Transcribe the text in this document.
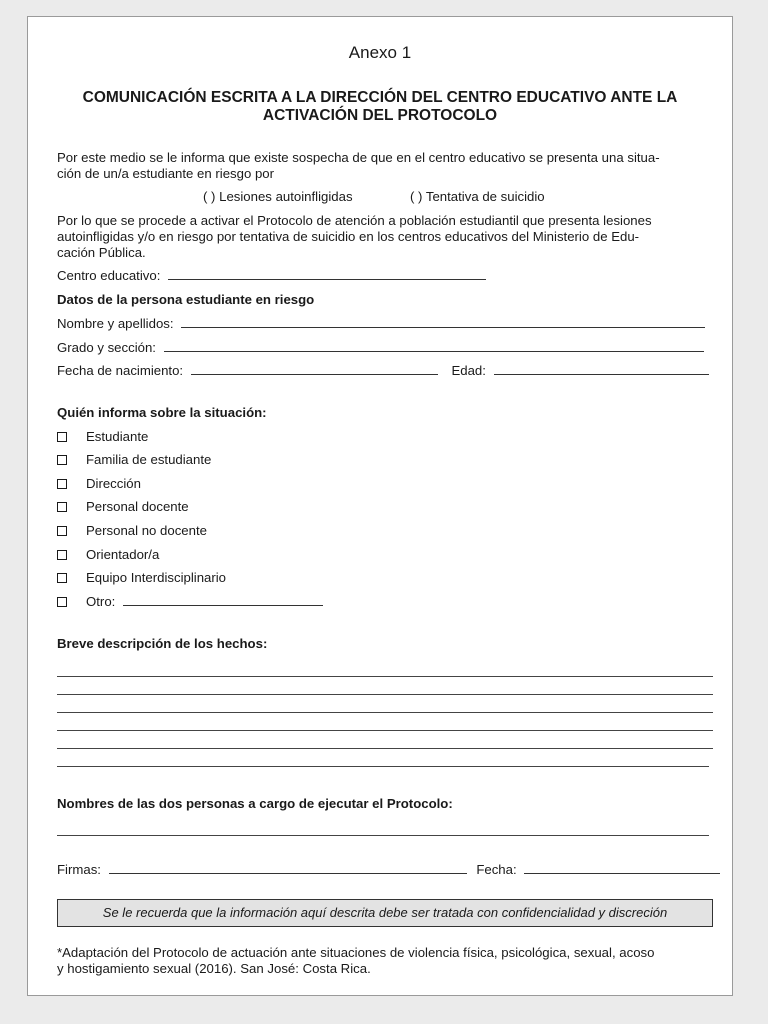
Anexo 1
COMUNICACIÓN ESCRITA A LA DIRECCIÓN DEL CENTRO EDUCATIVO ANTE LA
ACTIVACIÓN DEL PROTOCOLO
Por este medio se le informa que existe sospecha de que en el centro educativo se presenta una situa-
ción de un/a estudiante en riesgo por
( ) Lesiones autoinfligidas	( ) Tentativa de suicidio
Por lo que se procede a activar el Protocolo de atención a población estudiantil que presenta lesiones
autoinfligidas y/o en riesgo por tentativa de suicidio en los centros educativos del Ministerio de Edu-
cación Pública.
Centro educativo:
Datos de la persona estudiante en riesgo
Nombre y apellidos:
Grado y sección:
Fecha de nacimiento:	Edad:
Quién informa sobre la situación:
Estudiante
Familia de estudiante
Dirección
Personal docente
Personal no docente
Orientador/a
Equipo Interdisciplinario
Otro:
Breve descripción de los hechos:
Nombres de las dos personas a cargo de ejecutar el Protocolo:
Firmas:	Fecha:
Se le recuerda que la información aquí descrita debe ser tratada con confidencialidad y discreción
*Adaptación del Protocolo de actuación ante situaciones de violencia física, psicológica, sexual, acoso
y hostigamiento sexual (2016). San José: Costa Rica.
